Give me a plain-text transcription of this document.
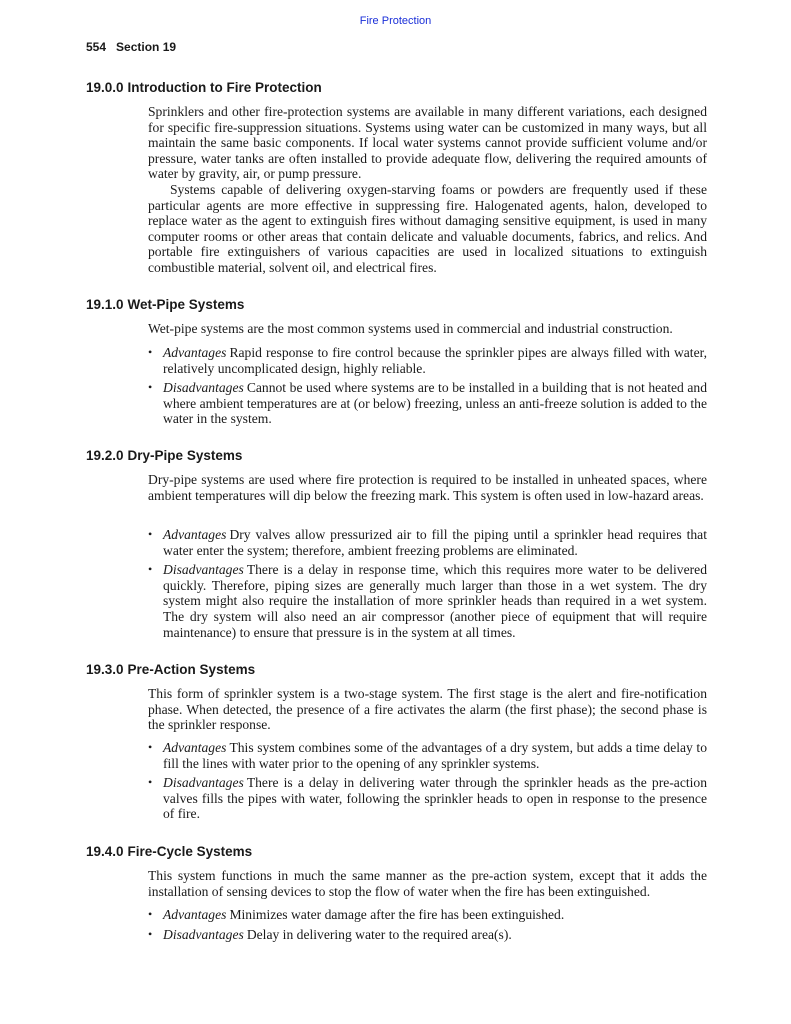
Fire Protection
554 Section 19
19.0.0 Introduction to Fire Protection

Sprinklers and other fire-protection systems are available in many different variations, each designed for specific fire-suppression situations. Systems using water can be customized in many ways, but all maintain the same basic components. If local water systems cannot provide sufficient volume and/or pressure, water tanks are often installed to provide adequate flow, delivering the required amounts of water by gravity, air, or pump pressure.

Systems capable of delivering oxygen-starving foams or powders are frequently used if these particular agents are more effective in suppressing fire. Halogenated agents, halon, developed to replace water as the agent to extinguish fires without damaging sensitive equipment, is used in many computer rooms or other areas that contain delicate and valuable documents, fabrics, and relics. And portable fire extinguishers of various capacities are used in localized situations to extinguish combustible material, solvent oil, and electrical fires.

19.1.0 Wet-Pipe Systems

Wet-pipe systems are the most common systems used in commercial and industrial construction.

• Advantages Rapid response to fire control because the sprinkler pipes are always filled with water, relatively uncomplicated design, highly reliable.
• Disadvantages Cannot be used where systems are to be installed in a building that is not heated and where ambient temperatures are at (or below) freezing, unless an anti-freeze solution is added to the water in the system.
19.2.0 Dry-Pipe Systems

Dry-pipe systems are used where fire protection is required to be installed in unheated spaces, where ambient temperatures will dip below the freezing mark. This system is often used in low-hazard areas.

• Advantages Dry valves allow pressurized air to fill the piping until a sprinkler head requires that water enter the system; therefore, ambient freezing problems are eliminated.
• Disadvantages There is a delay in response time, which this requires more water to be delivered quickly. Therefore, piping sizes are generally much larger than those in a wet system. The dry system might also require the installation of more sprinkler heads than required in a wet system. The dry system will also need an air compressor (another piece of equipment that will require maintenance) to ensure that pressure is in the system at all times.
19.3.0 Pre-Action Systems

This form of sprinkler system is a two-stage system. The first stage is the alert and fire-notification phase. When detected, the presence of a fire activates the alarm (the first phase); the second phase is the sprinkler response.

• Advantages This system combines some of the advantages of a dry system, but adds a time delay to fill the lines with water prior to the opening of any sprinkler systems.
• Disadvantages There is a delay in delivering water through the sprinkler heads as the pre-action valves fills the pipes with water, following the sprinkler heads to open in response to the presence of fire.
19.4.0 Fire-Cycle Systems

This system functions in much the same manner as the pre-action system, except that it adds the installation of sensing devices to stop the flow of water when the fire has been extinguished.

• Advantages Minimizes water damage after the fire has been extinguished.
• Disadvantages Delay in delivering water to the required area(s).
